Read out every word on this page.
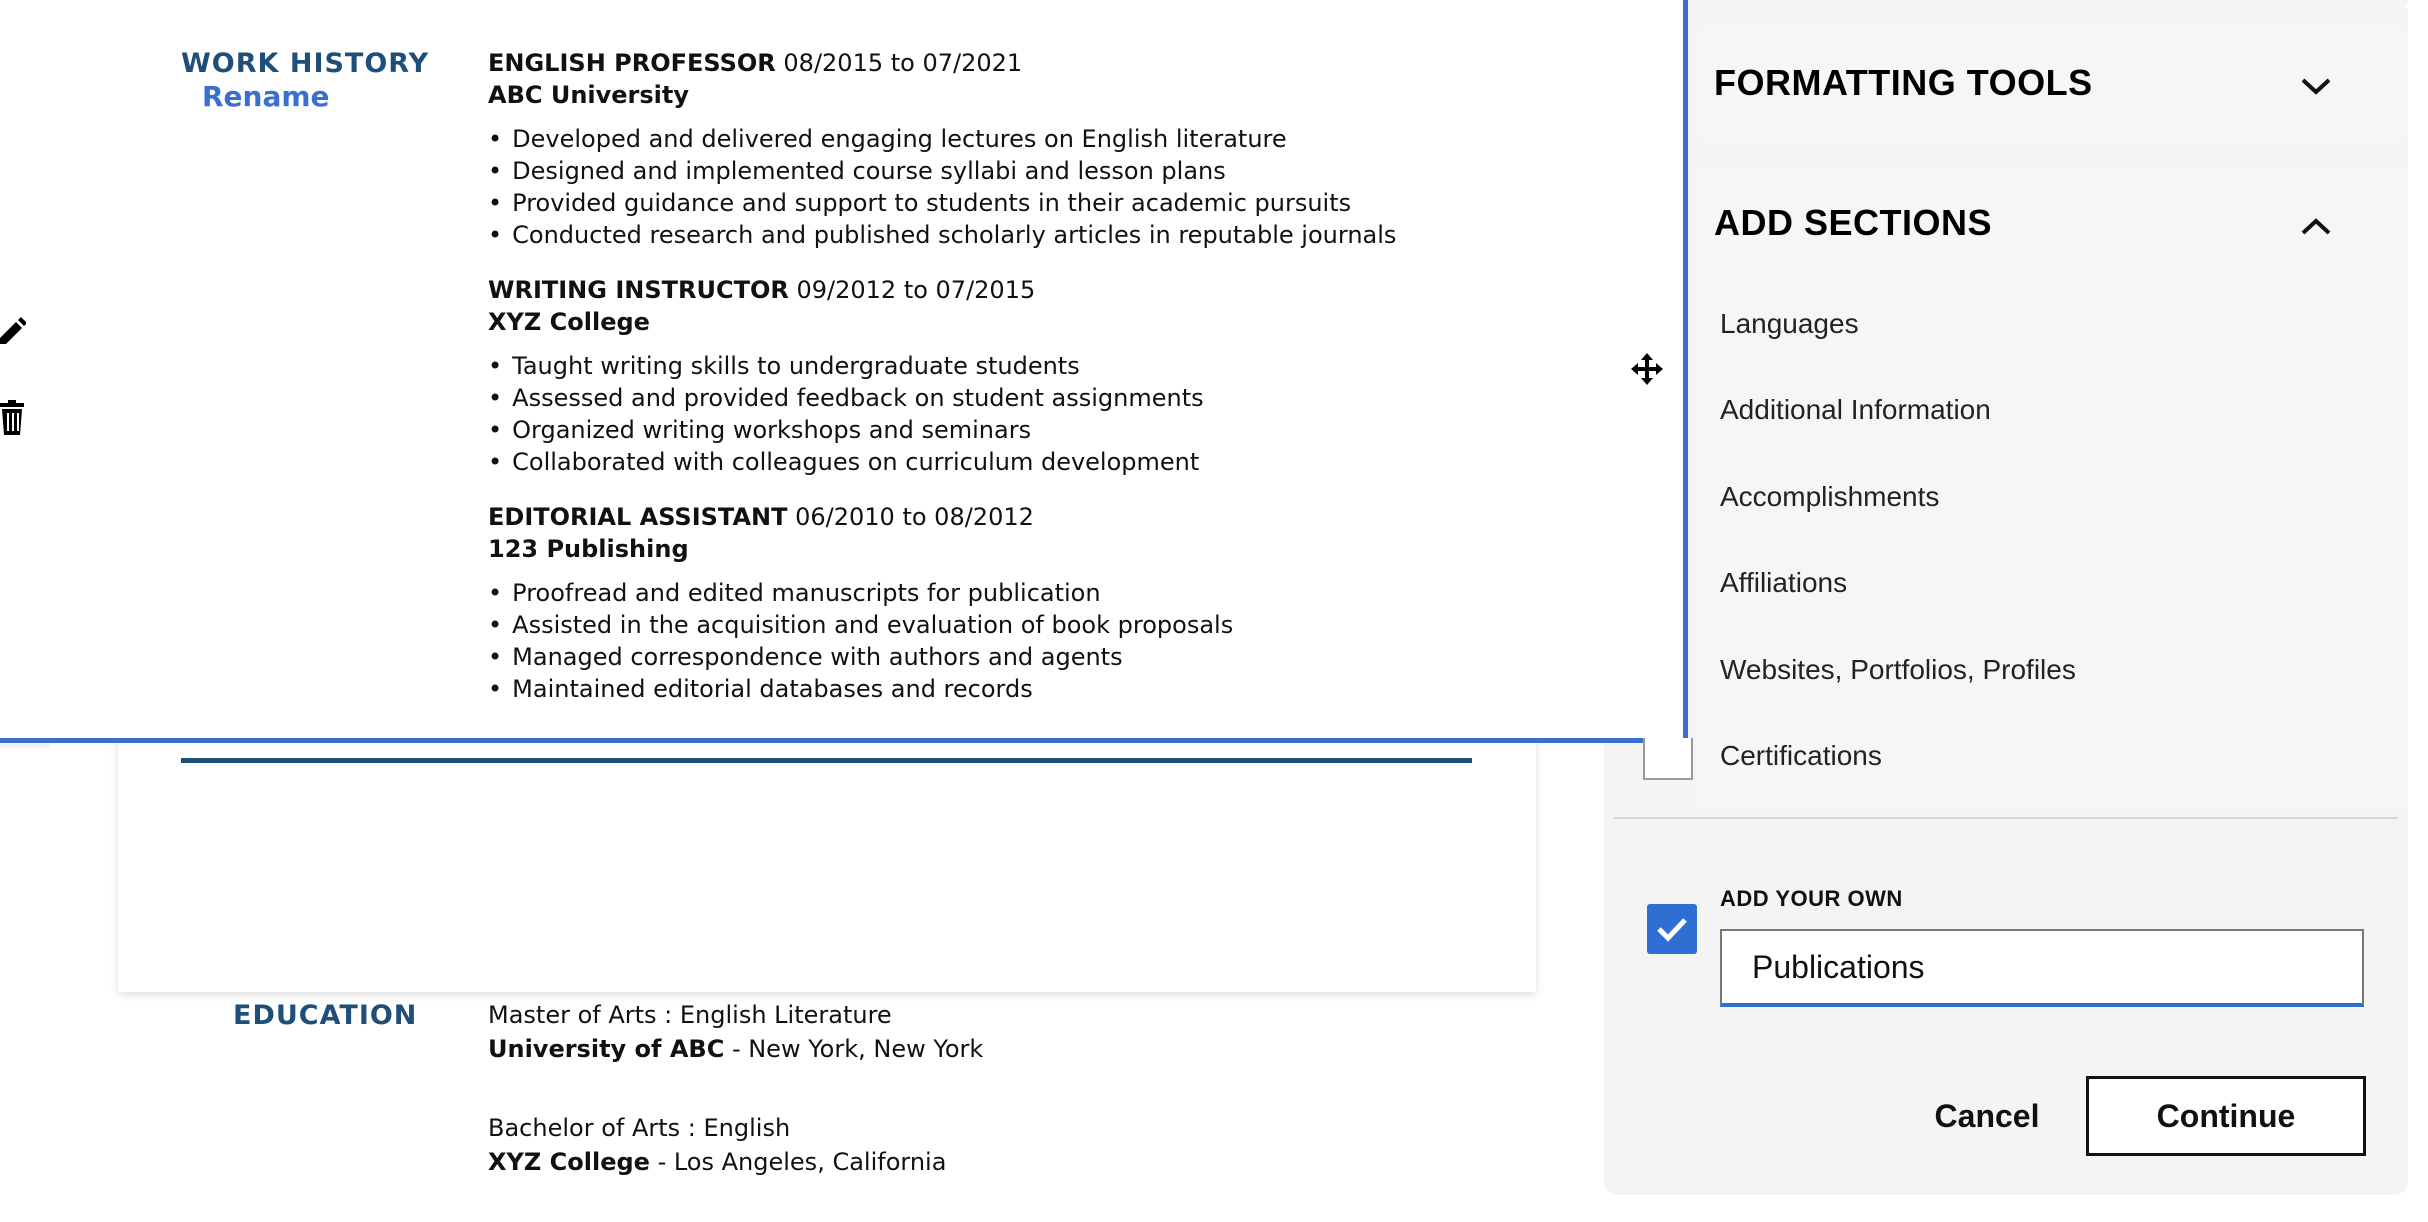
EDUCATION	Master of Arts : English Literature
University of ABC - New York, New York
Bachelor of Arts : English
XYZ College - Los Angeles, California
WORK HISTORY
Rename
ENGLISH PROFESSOR 08/2015 to 07/2021
ABC University
• Developed and delivered engaging lectures on English literature
• Designed and implemented course syllabi and lesson plans
• Provided guidance and support to students in their academic pursuits
• Conducted research and published scholarly articles in reputable journals
WRITING INSTRUCTOR 09/2012 to 07/2015
XYZ College
• Taught writing skills to undergraduate students
• Assessed and provided feedback on student assignments
• Organized writing workshops and seminars
• Collaborated with colleagues on curriculum development
EDITORIAL ASSISTANT 06/2010 to 08/2012
123 Publishing
• Proofread and edited manuscripts for publication
• Assisted in the acquisition and evaluation of book proposals
• Managed correspondence with authors and agents
• Maintained editorial databases and records
FORMATTING TOOLS
ADD SECTIONS
Languages
Additional Information
Accomplishments
Affiliations
Websites, Portfolios, Profiles
Certifications
ADD YOUR OWN
Publications
Cancel	Continue
